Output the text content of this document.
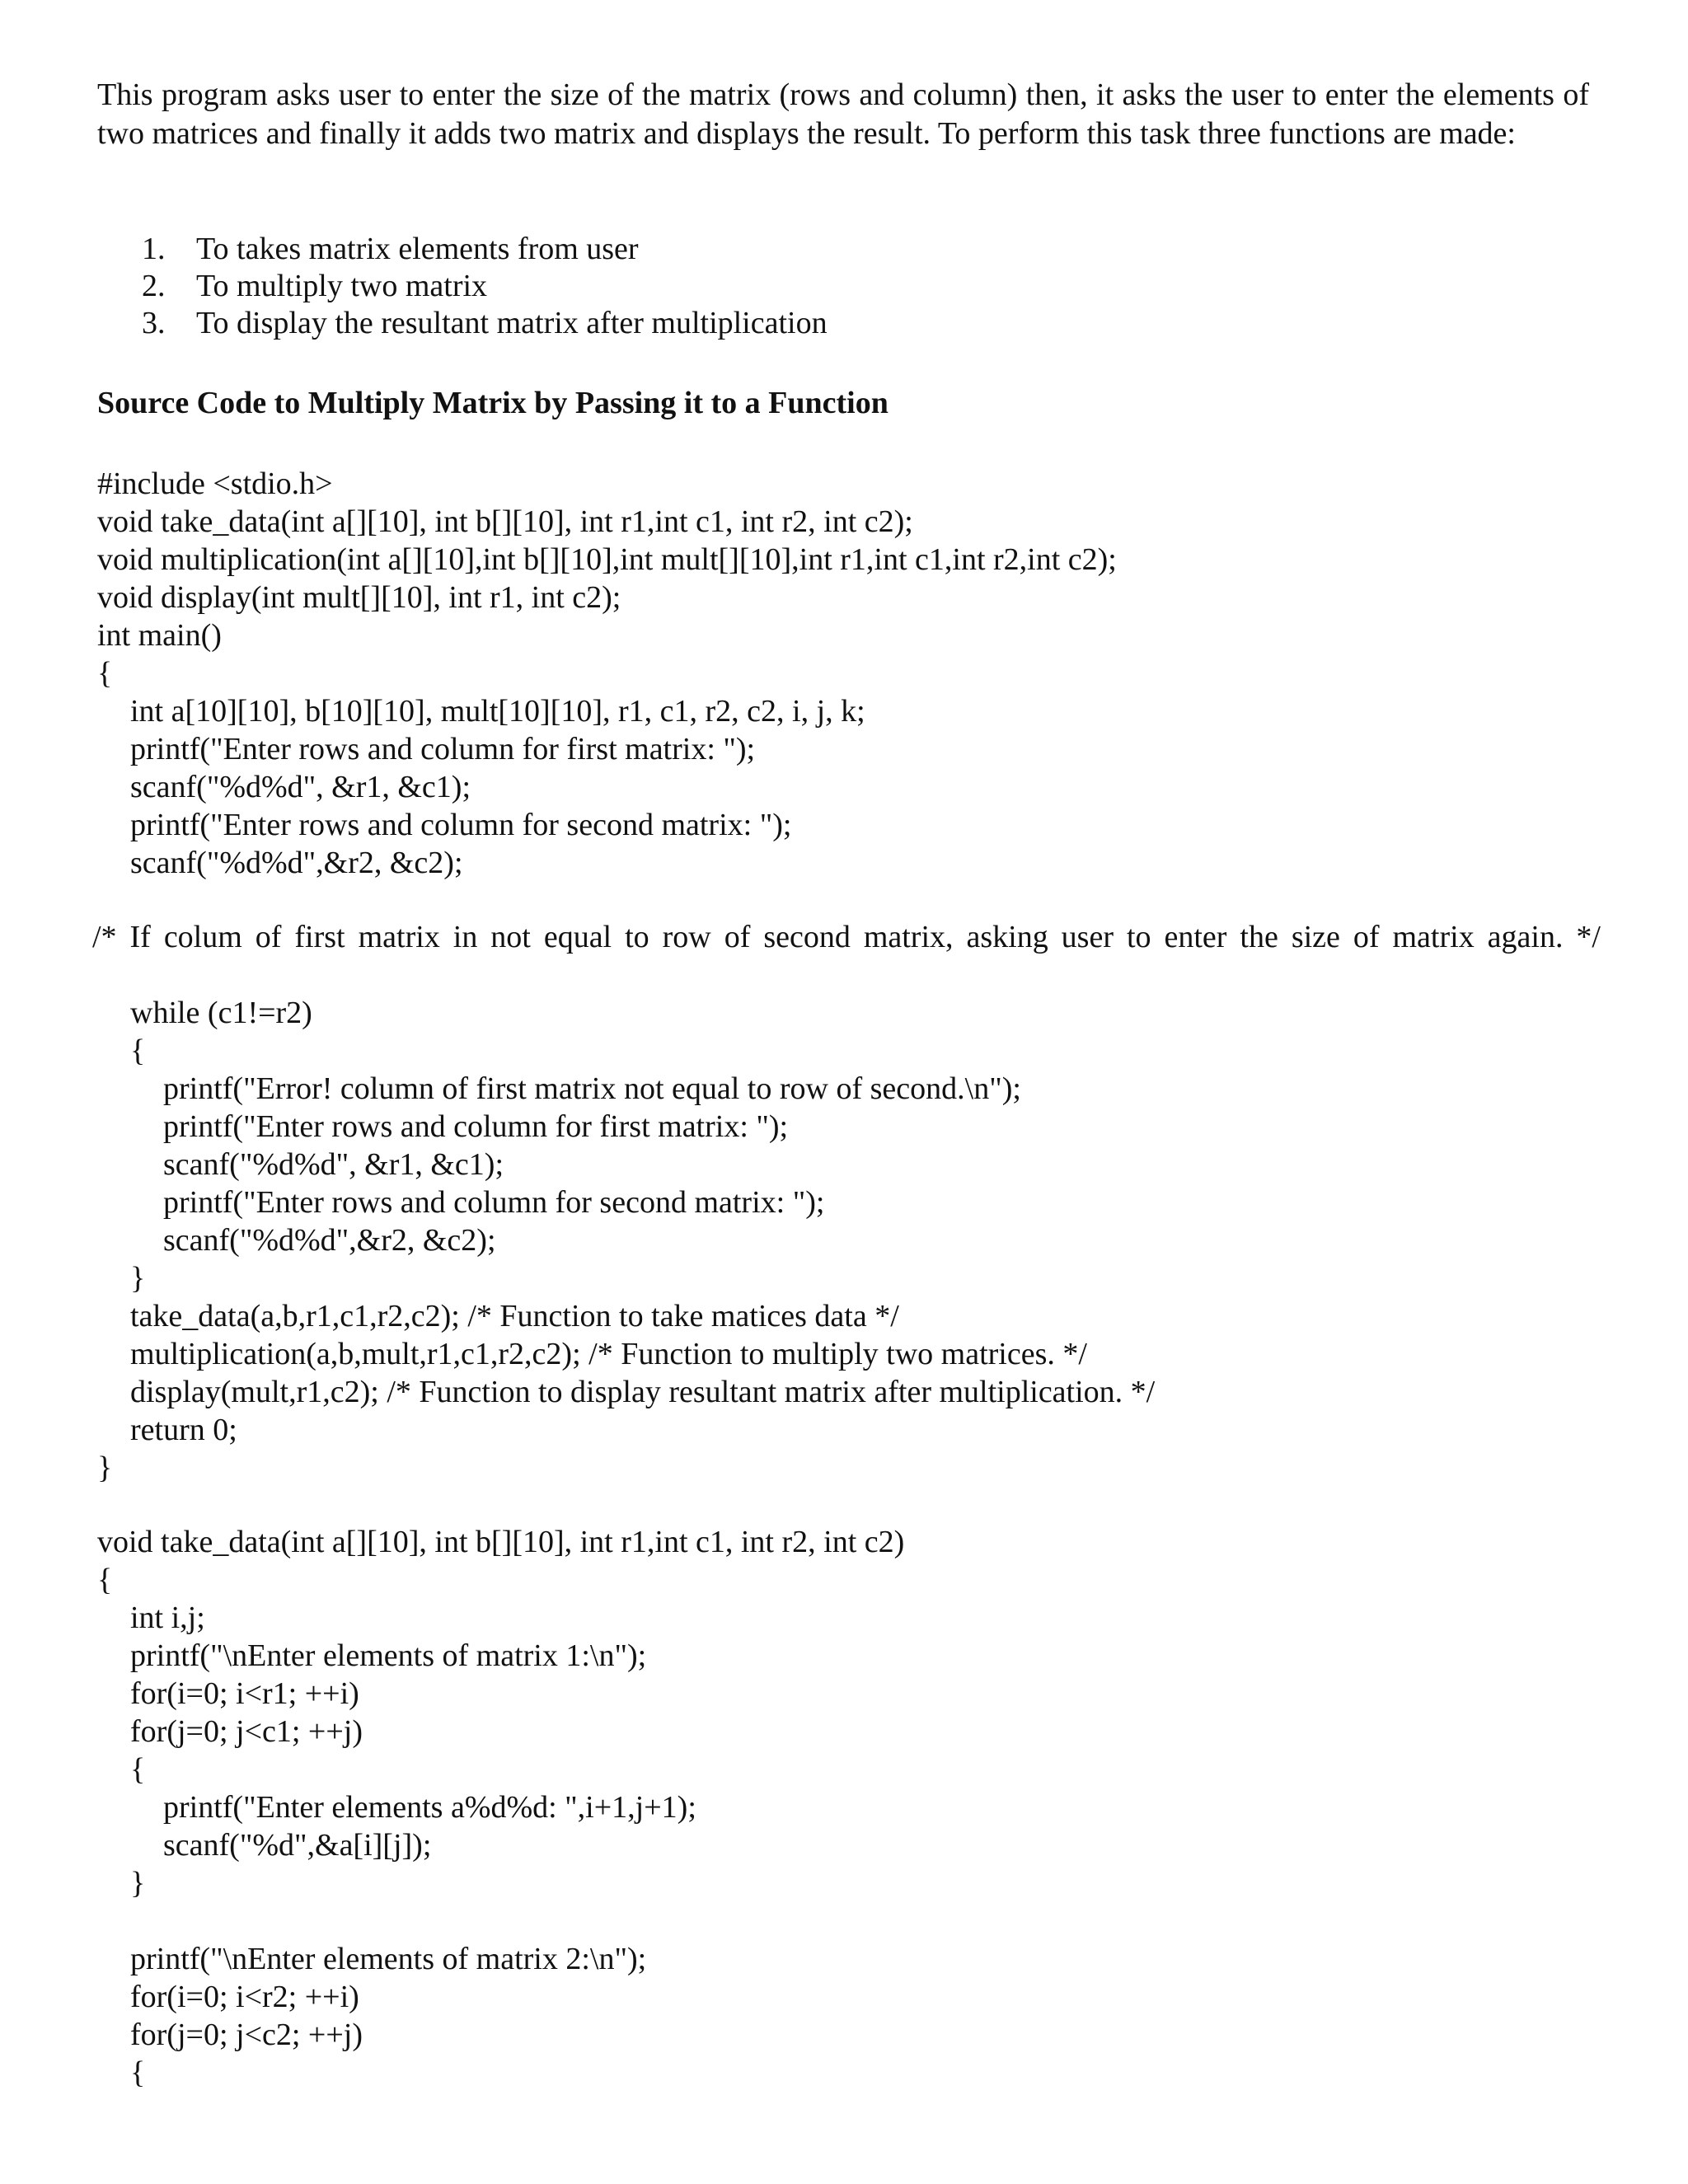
This program asks user to enter the size of the matrix (rows and column) then, it asks the user to enter the elements of two matrices and finally it adds two matrix and displays the result. To perform this task three functions are made:

1. To takes matrix elements from user
2. To multiply two matrix
3. To display the resultant matrix after multiplication
Source Code to Multiply Matrix by Passing it to a Function
#include <stdio.h>
void take_data(int a[][10], int b[][10], int r1,int c1, int r2, int c2);
void multiplication(int a[][10],int b[][10],int mult[][10],int r1,int c1,int r2,int c2);
void display(int mult[][10], int r1, int c2);
int main()
{
int a[10][10], b[10][10], mult[10][10], r1, c1, r2, c2, i, j, k;
printf("Enter rows and column for first matrix: ");
scanf("%d%d", &r1, &c1);
printf("Enter rows and column for second matrix: ");
scanf("%d%d",&r2, &c2);
/* If colum of first matrix in not equal to row of second matrix, asking user to enter the size of matrix again. */
while (c1!=r2)
{
printf("Error! column of first matrix not equal to row of second.\n");
printf("Enter rows and column for first matrix: ");
scanf("%d%d", &r1, &c1);
printf("Enter rows and column for second matrix: ");
scanf("%d%d",&r2, &c2);
}
take_data(a,b,r1,c1,r2,c2); /* Function to take matices data */
multiplication(a,b,mult,r1,c1,r2,c2); /* Function to multiply two matrices. */
display(mult,r1,c2); /* Function to display resultant matrix after multiplication. */
return 0;
}
void take_data(int a[][10], int b[][10], int r1,int c1, int r2, int c2)
{
int i,j;
printf("\nEnter elements of matrix 1:\n");
for(i=0; i<r1; ++i)
for(j=0; j<c1; ++j)
{
printf("Enter elements a%d%d: ",i+1,j+1);
scanf("%d",&a[i][j]);
}
printf("\nEnter elements of matrix 2:\n");
for(i=0; i<r2; ++i)
for(j=0; j<c2; ++j)
{
